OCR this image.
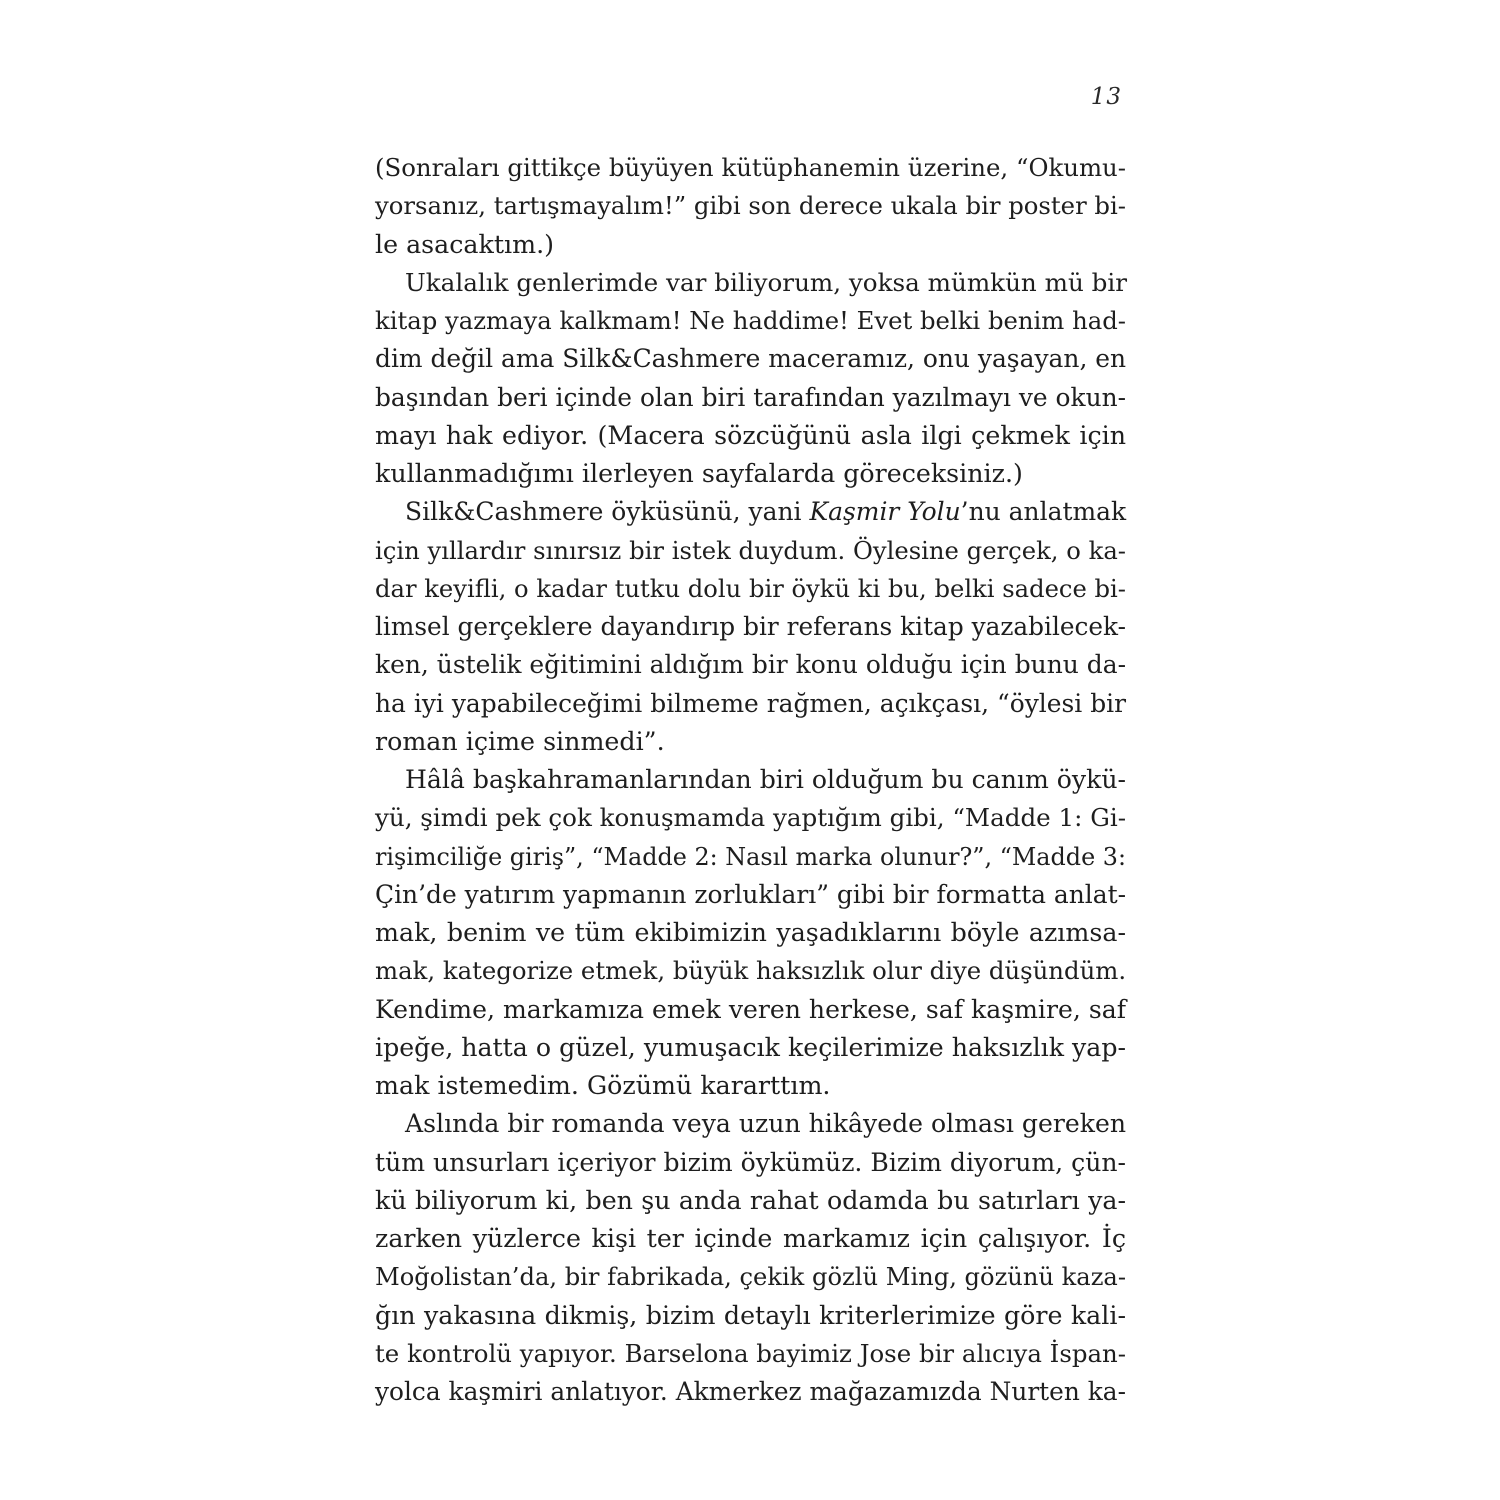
13
(Sonraları gittikçe büyüyen kütüphanemin üzerine, “Okumu-
yorsanız, tartışmayalım!” gibi son derece ukala bir poster bi-
le asacaktım.)
Ukalalık genlerimde var biliyorum, yoksa mümkün mü bir
kitap yazmaya kalkmam! Ne haddime! Evet belki benim had-
dim değil ama Silk&Cashmere maceramız, onu yaşayan, en
başından beri içinde olan biri tarafından yazılmayı ve okun-
mayı hak ediyor. (Macera sözcüğünü asla ilgi çekmek için
kullanmadığımı ilerleyen sayfalarda göreceksiniz.)
Silk&Cashmere öyküsünü, yani Kaşmir Yolu’nu anlatmak
için yıllardır sınırsız bir istek duydum. Öylesine gerçek, o ka-
dar keyifli, o kadar tutku dolu bir öykü ki bu, belki sadece bi-
limsel gerçeklere dayandırıp bir referans kitap yazabilecek-
ken, üstelik eğitimini aldığım bir konu olduğu için bunu da-
ha iyi yapabileceğimi bilmeme rağmen, açıkçası, “öylesi bir
roman içime sinmedi”.
Hâlâ başkahramanlarından biri olduğum bu canım öykü-
yü, şimdi pek çok konuşmamda yaptığım gibi, “Madde 1: Gi-
rişimciliğe giriş”, “Madde 2: Nasıl marka olunur?”, “Madde 3:
Çin’de yatırım yapmanın zorlukları” gibi bir formatta anlat-
mak, benim ve tüm ekibimizin yaşadıklarını böyle azımsa-
mak, kategorize etmek, büyük haksızlık olur diye düşündüm.
Kendime, markamıza emek veren herkese, saf kaşmire, saf
ipeğe, hatta o güzel, yumuşacık keçilerimize haksızlık yap-
mak istemedim. Gözümü kararttım.
Aslında bir romanda veya uzun hikâyede olması gereken
tüm unsurları içeriyor bizim öykümüz. Bizim diyorum, çün-
kü biliyorum ki, ben şu anda rahat odamda bu satırları ya-
zarken yüzlerce kişi ter içinde markamız için çalışıyor. İç
Moğolistan’da, bir fabrikada, çekik gözlü Ming, gözünü kaza-
ğın yakasına dikmiş, bizim detaylı kriterlerimize göre kali-
te kontrolü yapıyor. Barselona bayimiz Jose bir alıcıya İspan-
yolca kaşmiri anlatıyor. Akmerkez mağazamızda Nurten ka-
